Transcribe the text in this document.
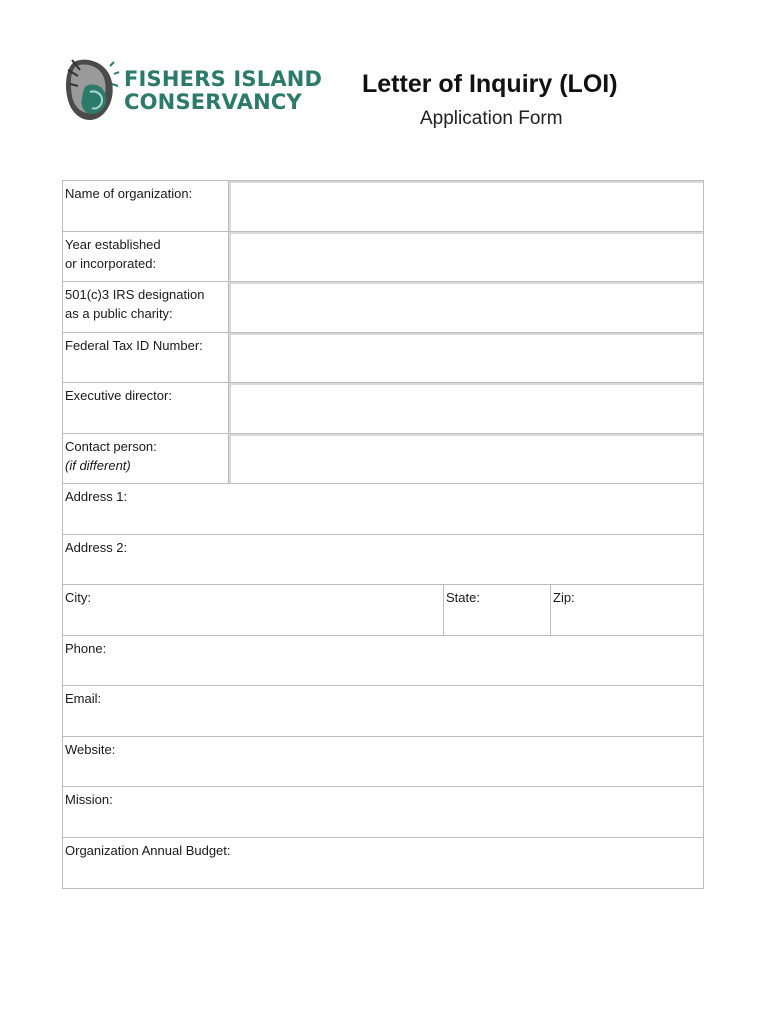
FISHERS ISLAND
CONSERVANCY
Letter of Inquiry (LOI)
Application Form
Name of organization:
Year established
or incorporated:
501(c)3 IRS designation
as a public charity:
Federal Tax ID Number:
Executive director:
Contact person:
(if different)
Address 1:
Address 2:
City:	State:	Zip:
Phone:
Email:
Website:
Mission:
Organization Annual Budget:
